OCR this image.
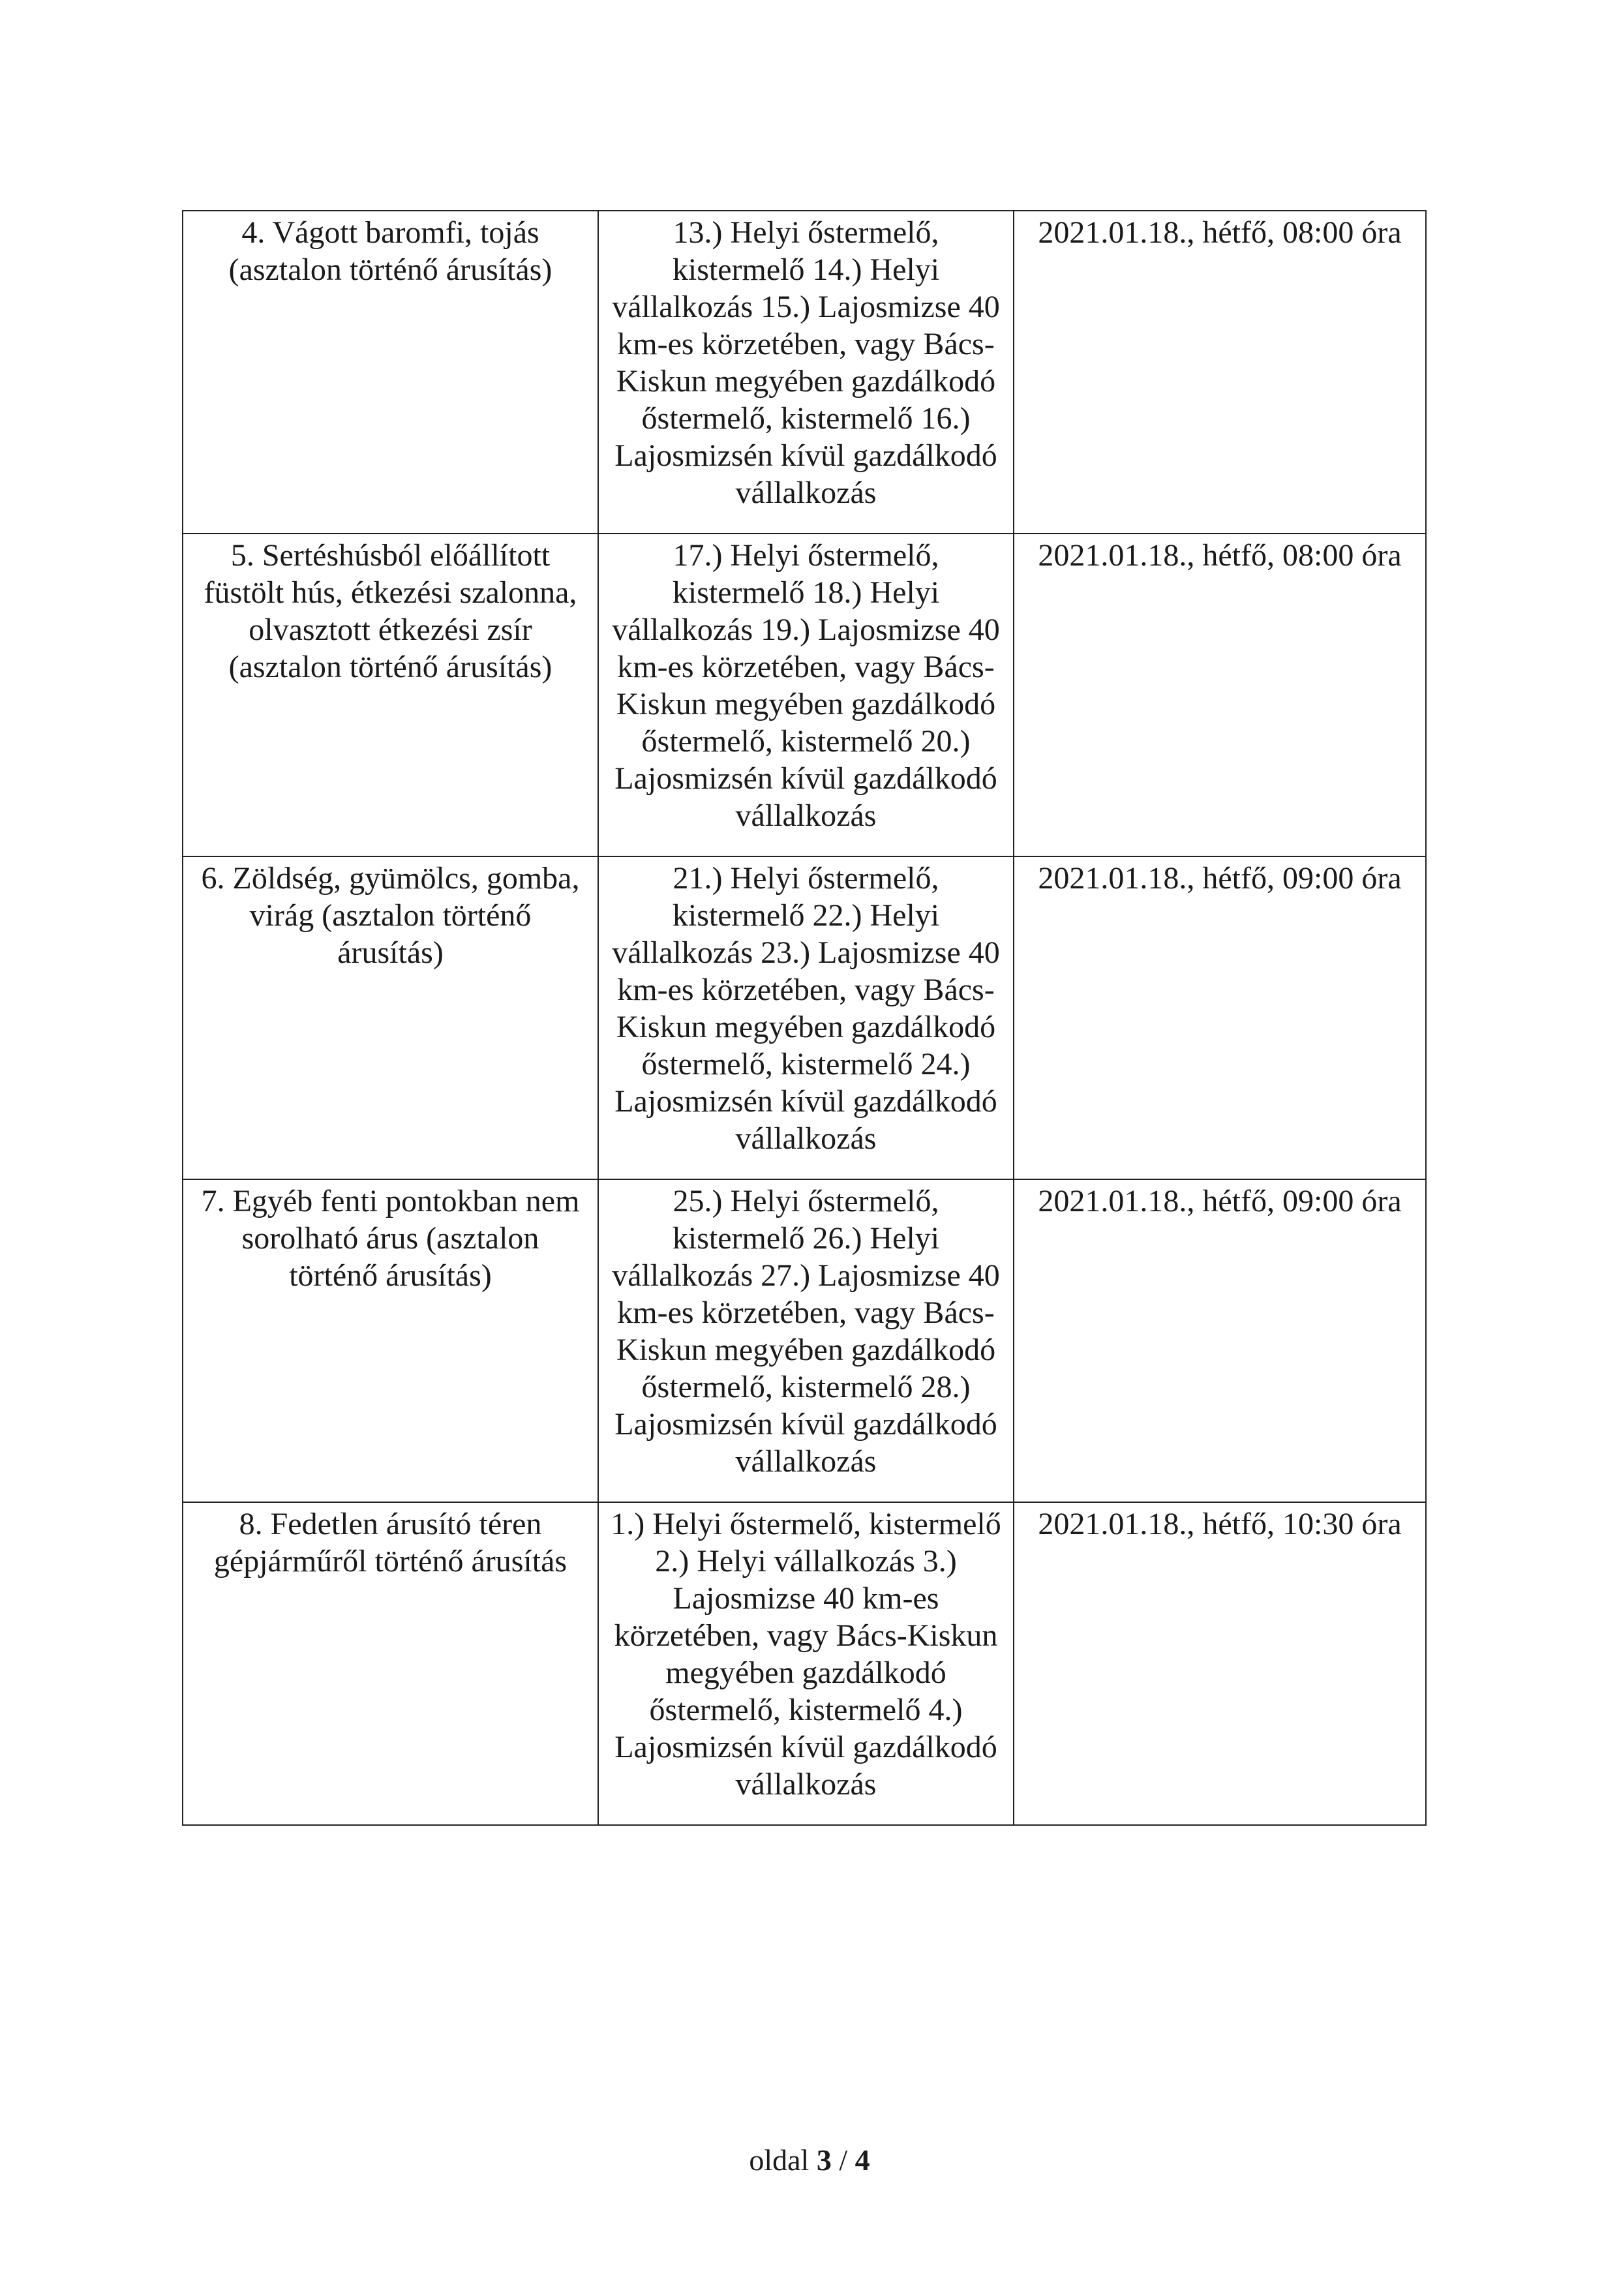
4. Vágott baromfi, tojás (asztalon történő árusítás)	13.) Helyi őstermelő, kistermelő 14.) Helyi vállalkozás 15.) Lajosmizse 40 km-es körzetében, vagy Bács-Kiskun megyében gazdálkodó őstermelő, kistermelő 16.) Lajosmizsén kívül gazdálkodó vállalkozás	2021.01.18., hétfő, 08:00 óra

5. Sertéshúsból előállított füstölt hús, étkezési szalonna, olvasztott étkezési zsír (asztalon történő árusítás)	17.) Helyi őstermelő, kistermelő 18.) Helyi vállalkozás 19.) Lajosmizse 40 km-es körzetében, vagy Bács-Kiskun megyében gazdálkodó őstermelő, kistermelő 20.) Lajosmizsén kívül gazdálkodó vállalkozás	2021.01.18., hétfő, 08:00 óra

6. Zöldség, gyümölcs, gomba, virág (asztalon történő árusítás)	21.) Helyi őstermelő, kistermelő 22.) Helyi vállalkozás 23.) Lajosmizse 40 km-es körzetében, vagy Bács-Kiskun megyében gazdálkodó őstermelő, kistermelő 24.) Lajosmizsén kívül gazdálkodó vállalkozás	2021.01.18., hétfő, 09:00 óra

7. Egyéb fenti pontokban nem sorolható árus (asztalon történő árusítás)	25.) Helyi őstermelő, kistermelő 26.) Helyi vállalkozás 27.) Lajosmizse 40 km-es körzetében, vagy Bács-Kiskun megyében gazdálkodó őstermelő, kistermelő 28.) Lajosmizsén kívül gazdálkodó vállalkozás	2021.01.18., hétfő, 09:00 óra

8. Fedetlen árusító téren gépjárműről történő árusítás	1.) Helyi őstermelő, kistermelő 2.) Helyi vállalkozás 3.) Lajosmizse 40 km-es körzetében, vagy Bács-Kiskun megyében gazdálkodó őstermelő, kistermelő 4.) Lajosmizsén kívül gazdálkodó vállalkozás	2021.01.18., hétfő, 10:30 óra
oldal 3 / 4
